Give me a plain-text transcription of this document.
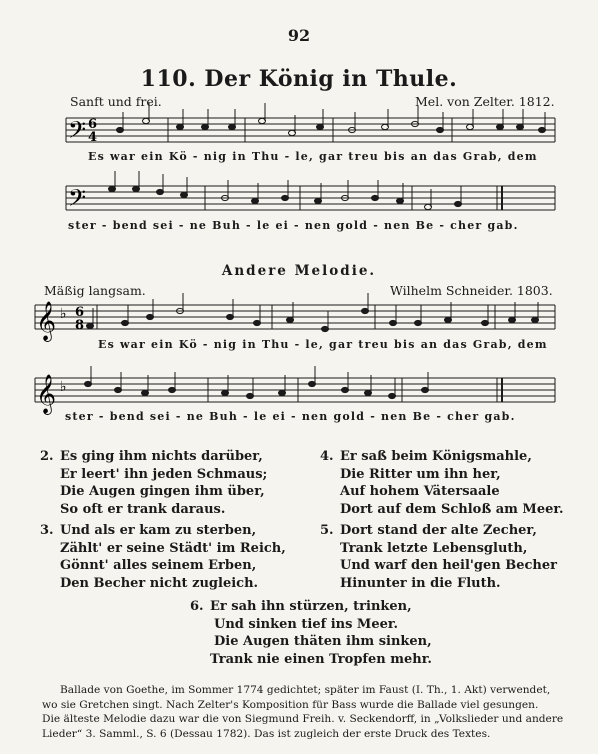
92
110. Der König in Thule.
Sanft und frei.	Mel. von Zelter. 1812.
𝄢 6
4
𝄢
𝄞 ♭ 6
8
𝄞 ♭
Es war ein Kö - nig in Thu - le, gar treu bis an das Grab, dem
ster - bend sei - ne Buh - le ei - nen gold - nen Be - cher gab.
Andere Melodie.
Mäßig langsam.	Wilhelm Schneider. 1803.
Es war ein Kö - nig in Thu - le, gar treu bis an das Grab, dem
ster - bend sei - ne Buh - le ei - nen gold - nen Be - cher gab.
2. Es ging ihm nichts darüber,
Er leert' ihn jeden Schmaus;
Die Augen gingen ihm über,
So oft er trank daraus.
3. Und als er kam zu sterben,
Zählt' er seine Städt' im Reich,
Gönnt' alles seinem Erben,
Den Becher nicht zugleich.
4. Er saß beim Königsmahle,
Die Ritter um ihn her,
Auf hohem Vätersaale
Dort auf dem Schloß am Meer.
5. Dort stand der alte Zecher,
Trank letzte Lebensgluth,
Und warf den heil'gen Becher
Hinunter in die Fluth.
6. Er sah ihn stürzen, trinken,
Und sinken tief ins Meer.
Die Augen thäten ihm sinken,
Trank nie einen Tropfen mehr.
Ballade von Goethe, im Sommer 1774 gedichtet; später im Faust (I. Th., 1. Akt) verwendet,
wo sie Gretchen singt. Nach Zelter's Komposition für Bass wurde die Ballade viel gesungen.
Die älteste Melodie dazu war die von Siegmund Freih. v. Seckendorff, in „Volkslieder und andere
Lieder“ 3. Samml., S. 6 (Dessau 1782). Das ist zugleich der erste Druck des Textes.
